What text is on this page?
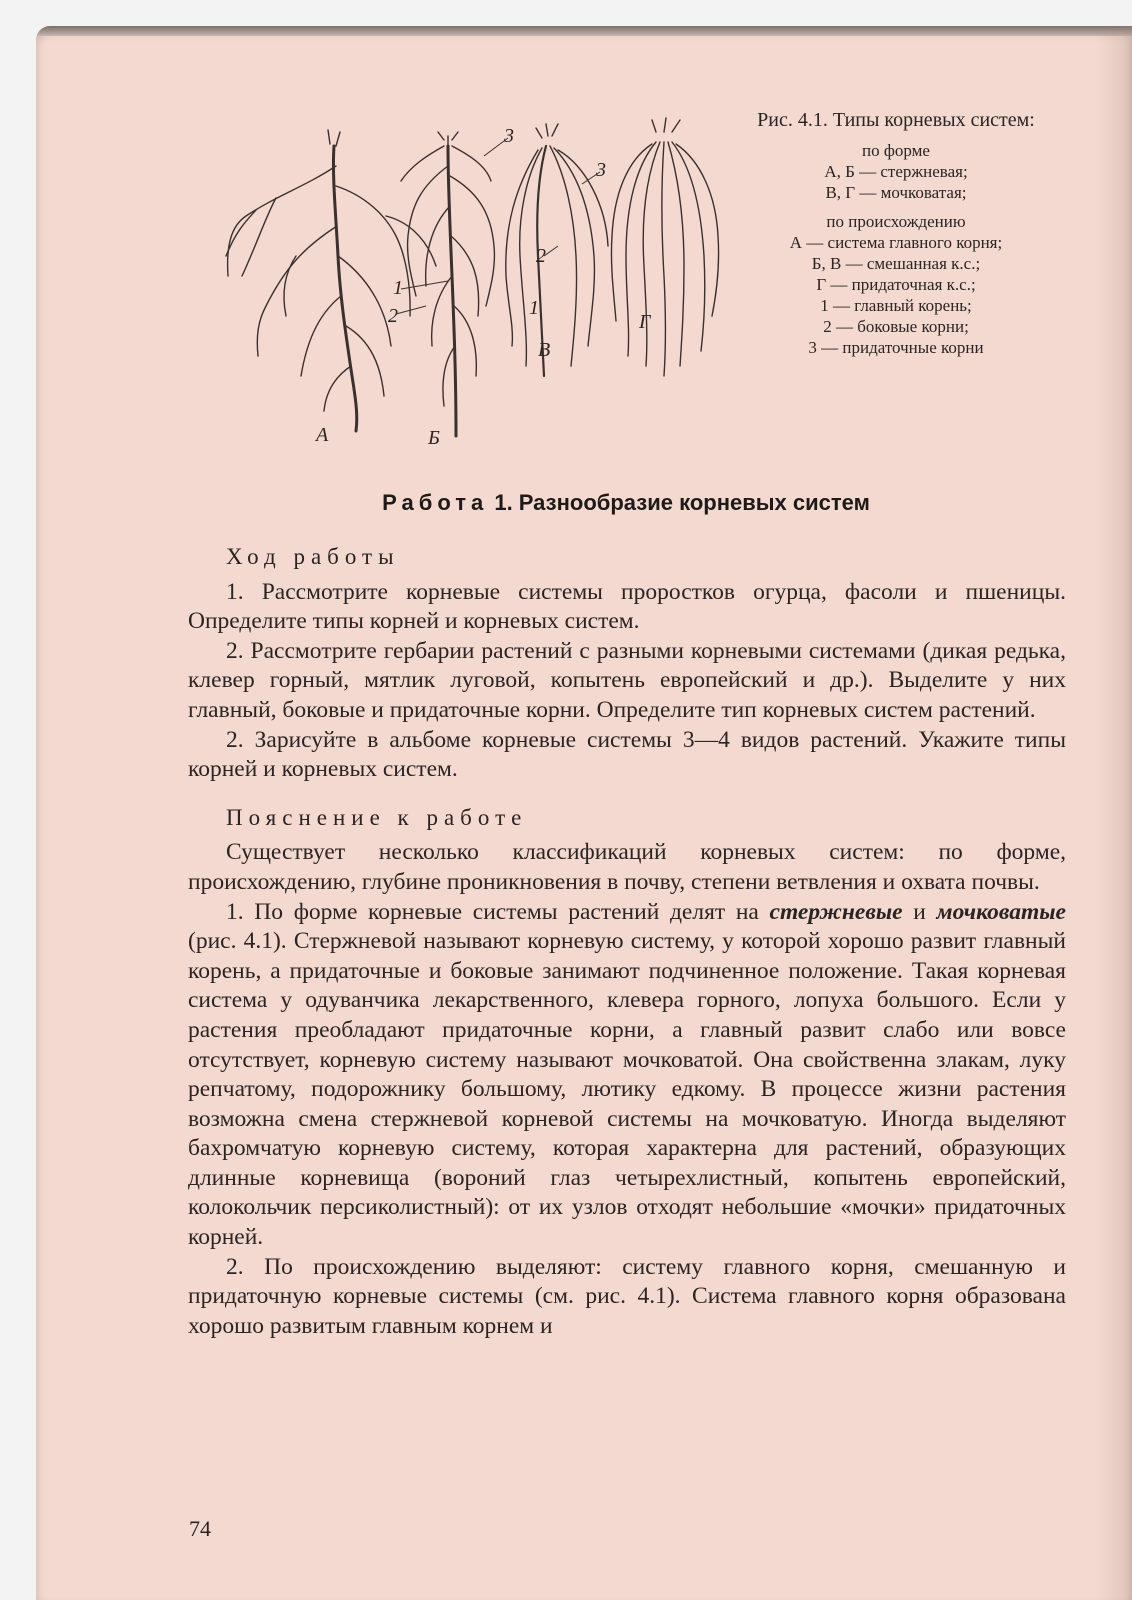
А	Б
В
Г
1
1
2
2
3
3
Рис. 4.1. Типы корневых систем:
по форме
А, Б — стержневая;
В, Г — мочковатая;
по происхождению
А — система главного корня;
Б, В — смешанная к.с.;
Г — придаточная к.с.;
1 — главный корень;
2 — боковые корни;
3 — придаточные корни
Работа 1. Разнообразие корневых систем
Ход работы

1. Рассмотрите корневые системы проростков огурца, фасоли и пшеницы. Определите типы корней и корневых систем.

2. Рассмотрите гербарии растений с разными корневыми системами (дикая редька, клевер горный, мятлик луговой, копытень европейский и др.). Выделите у них главный, боковые и придаточные корни. Определите тип корневых систем растений.

2. Зарисуйте в альбоме корневые системы 3—4 видов растений. Укажите типы корней и корневых систем.

Пояснение к работе

Существует несколько классификаций корневых систем: по форме, происхождению, глубине проникновения в почву, степени ветвления и охвата почвы.

1. По форме корневые системы растений делят на стержневые и мочковатые (рис. 4.1). Стержневой называют корневую систему, у которой хорошо развит главный корень, а придаточные и боковые занимают подчиненное положение. Такая корневая система у одуванчика лекарственного, клевера горного, лопуха большого. Если у растения преобладают придаточные корни, а главный развит слабо или вовсе отсутствует, корневую систему называют мочковатой. Она свойственна злакам, луку репчатому, подорожнику большому, лютику едкому. В процессе жизни растения возможна смена стержневой корневой системы на мочковатую. Иногда выделяют бахромчатую корневую систему, которая характерна для растений, образующих длинные корневища (вороний глаз четырехлистный, копытень европейский, колокольчик персиколистный): от их узлов отходят небольшие «мочки» придаточных корней.

2. По происхождению выделяют: систему главного корня, смешанную и придаточную корневые системы (см. рис. 4.1). Система главного корня образована хорошо развитым главным корнем и

74
